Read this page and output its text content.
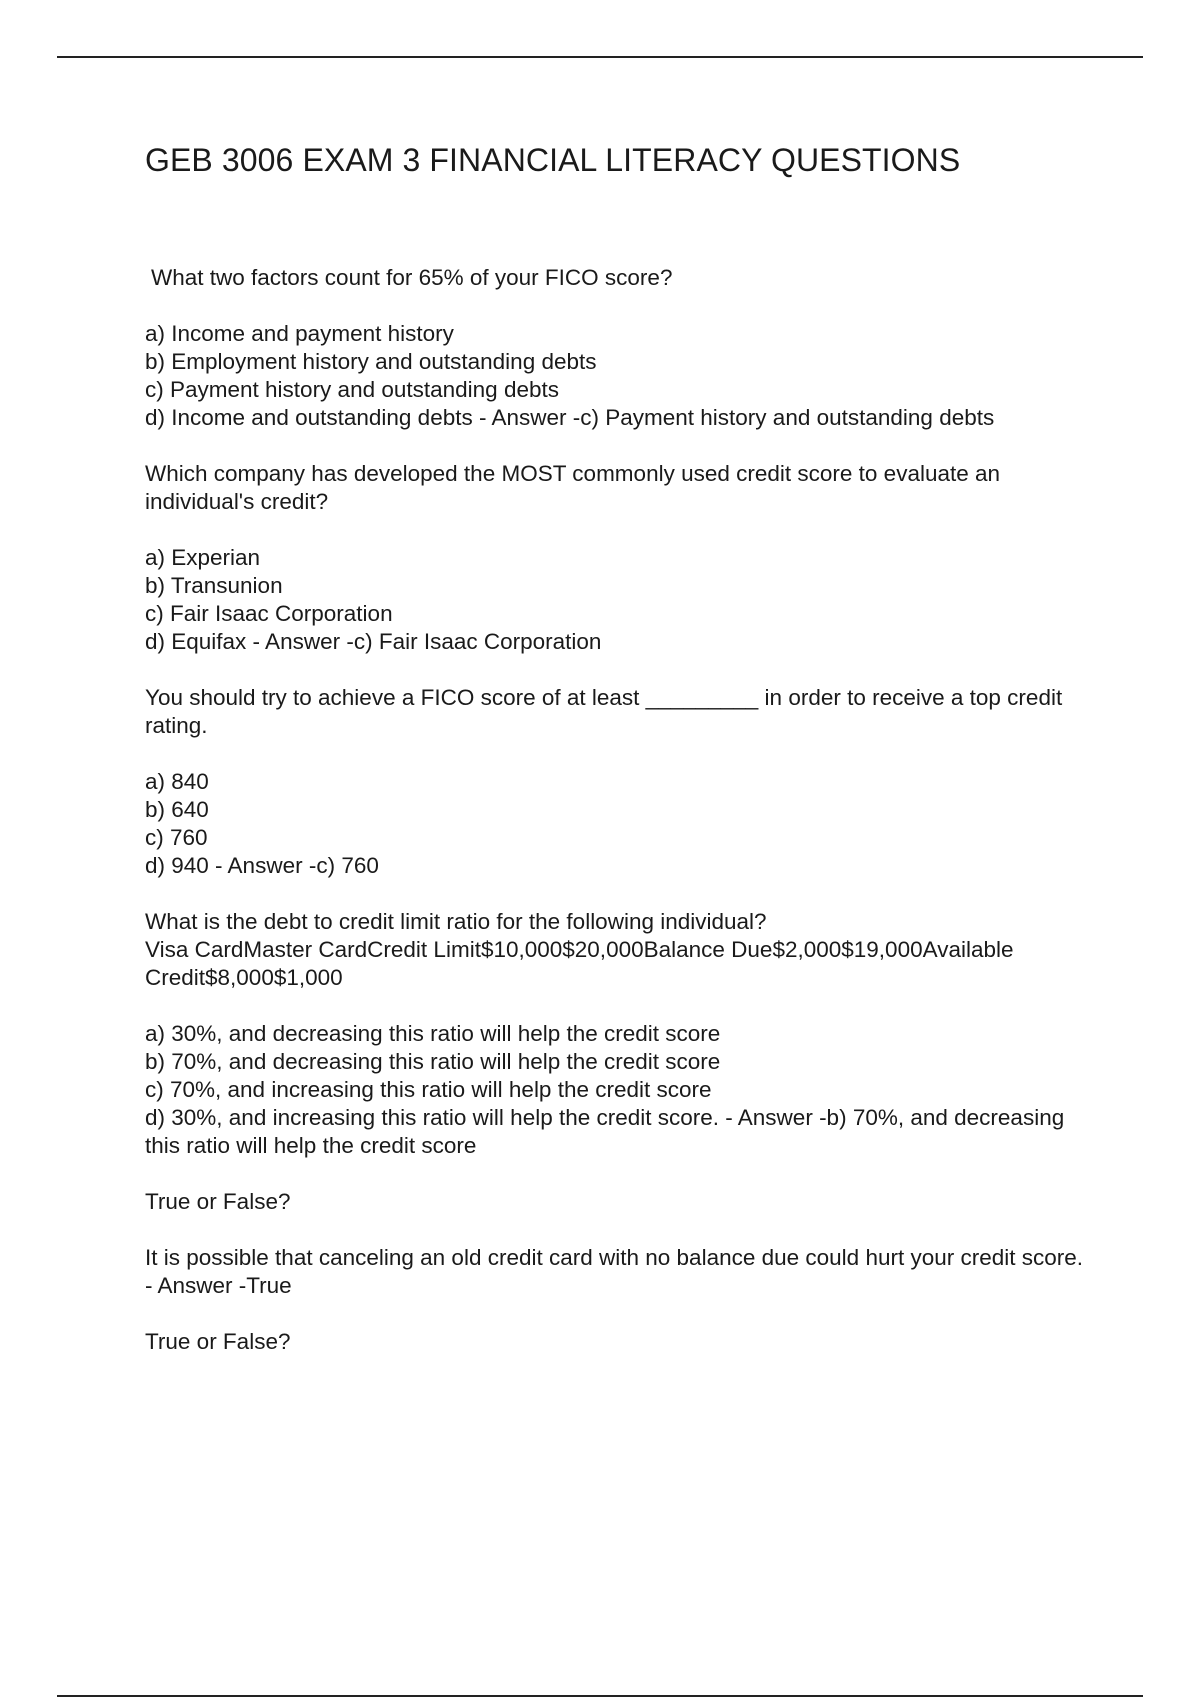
GEB 3006 EXAM 3 FINANCIAL LITERACY QUESTIONS

What two factors count for 65% of your FICO score?

a) Income and payment history
b) Employment history and outstanding debts
c) Payment history and outstanding debts
d) Income and outstanding debts - Answer -c) Payment history and outstanding debts

Which company has developed the MOST commonly used credit score to evaluate an individual's credit?

a) Experian
b) Transunion
c) Fair Isaac Corporation
d) Equifax - Answer -c) Fair Isaac Corporation

You should try to achieve a FICO score of at least _________ in order to receive a top credit rating.

a) 840
b) 640
c) 760
d) 940 - Answer -c) 760

What is the debt to credit limit ratio for the following individual?

Visa CardMaster CardCredit Limit$10,000$20,000Balance Due$2,000$19,000Available Credit$8,000$1,000

a) 30%, and decreasing this ratio will help the credit score
b) 70%, and decreasing this ratio will help the credit score
c) 70%, and increasing this ratio will help the credit score
d) 30%, and increasing this ratio will help the credit score. - Answer -b) 70%, and decreasing this ratio will help the credit score

True or False?

It is possible that canceling an old credit card with no balance due could hurt your credit score. - Answer -True

True or False?
